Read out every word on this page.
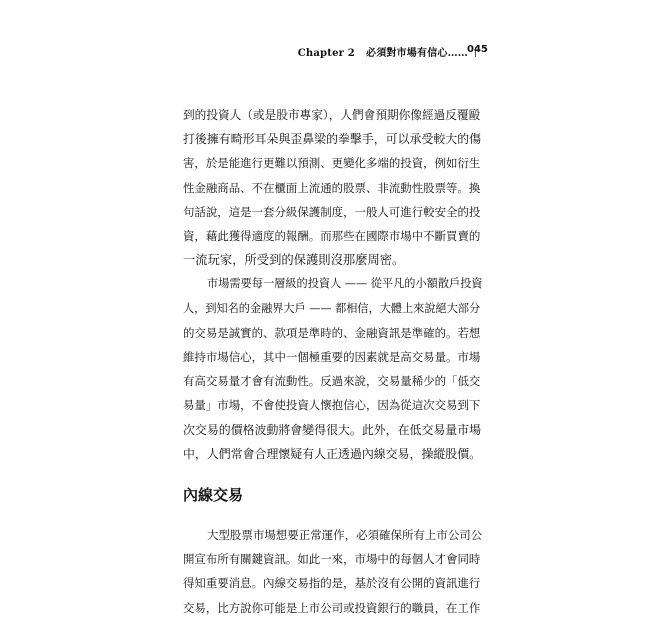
Chapter 2 必須對市場有信心…… 045

到的投資人（或是股市專家），人們會預期你像經過反覆毆
打後擁有畸形耳朵與歪鼻梁的拳擊手，可以承受較大的傷
害，於是能進行更難以預測、更變化多端的投資，例如衍生
性金融商品、不在櫃面上流通的股票、非流動性股票等。換
句話說，這是一套分級保護制度，一般人可進行較安全的投
資，藉此獲得適度的報酬。而那些在國際市場中不斷買賣的
一流玩家，所受到的保護則沒那麼周密。

市場需要每一層級的投資人 —— 從平凡的小額散戶投資
人，到知名的金融界大戶 —— 都相信，大體上來說絕大部分
的交易是誠實的、款項是準時的、金融資訊是準確的。若想
維持市場信心，其中一個極重要的因素就是高交易量。市場
有高交易量才會有流動性。反過來說，交易量稀少的「低交
易量」市場，不會使投資人懷抱信心，因為從這次交易到下
次交易的價格波動將會變得很大。此外，在低交易量市場
中，人們常會合理懷疑有人正透過內線交易，操縱股價。

內線交易

大型股票市場想要正常運作，必須確保所有上市公司公
開宣布所有關鍵資訊。如此一來，市場中的每個人才會同時
得知重要消息。內線交易指的是，基於沒有公開的資訊進行
交易，比方說你可能是上市公司或投資銀行的職員，在工作
